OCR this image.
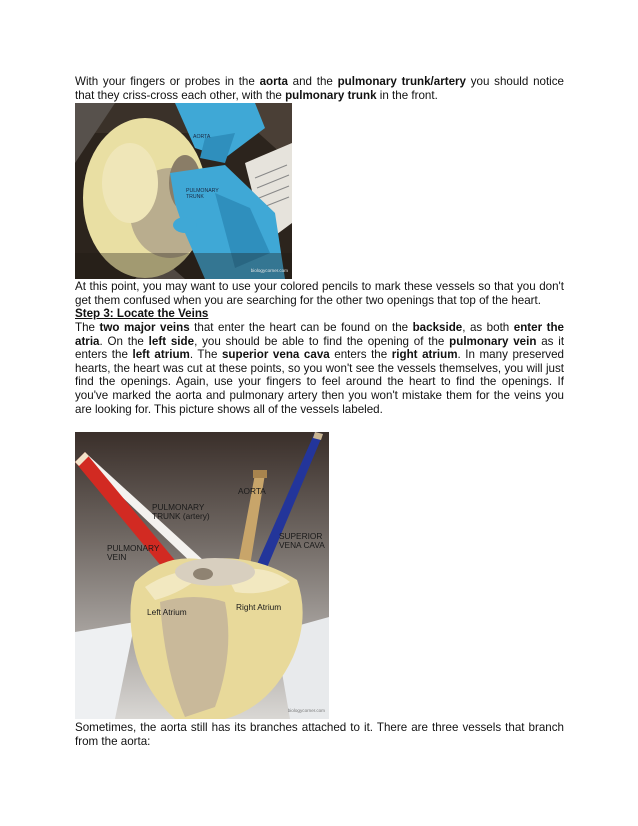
With your fingers or probes in the aorta and the pulmonary trunk/artery you should notice that they criss-cross each other, with the pulmonary trunk in the front.

AORTA
PULMONARY
TRUNK
biologycorner.com

At this point, you may want to use your colored pencils to mark these vessels so that you don't get them confused when you are searching for the other two openings that top of the heart.

Step 3: Locate the Veins

The two major veins that enter the heart can be found on the backside, as both enter the atria. On the left side, you should be able to find the opening of the pulmonary vein as it enters the left atrium. The superior vena cava enters the right atrium. In many preserved hearts, the heart was cut at these points, so you won't see the vessels themselves, you will just find the openings. Again, use your fingers to feel around the heart to find the openings. If you've marked the aorta and pulmonary artery then you won't mistake them for the veins you are looking for. This picture shows all of the vessels labeled.

AORTA
PULMONARY
TRUNK (artery)
PULMONARY
VEIN
SUPERIOR
VENA CAVA
Left Atrium	Right Atrium
biologycorner.com

Sometimes, the aorta still has its branches attached to it. There are three vessels that branch from the aorta:
